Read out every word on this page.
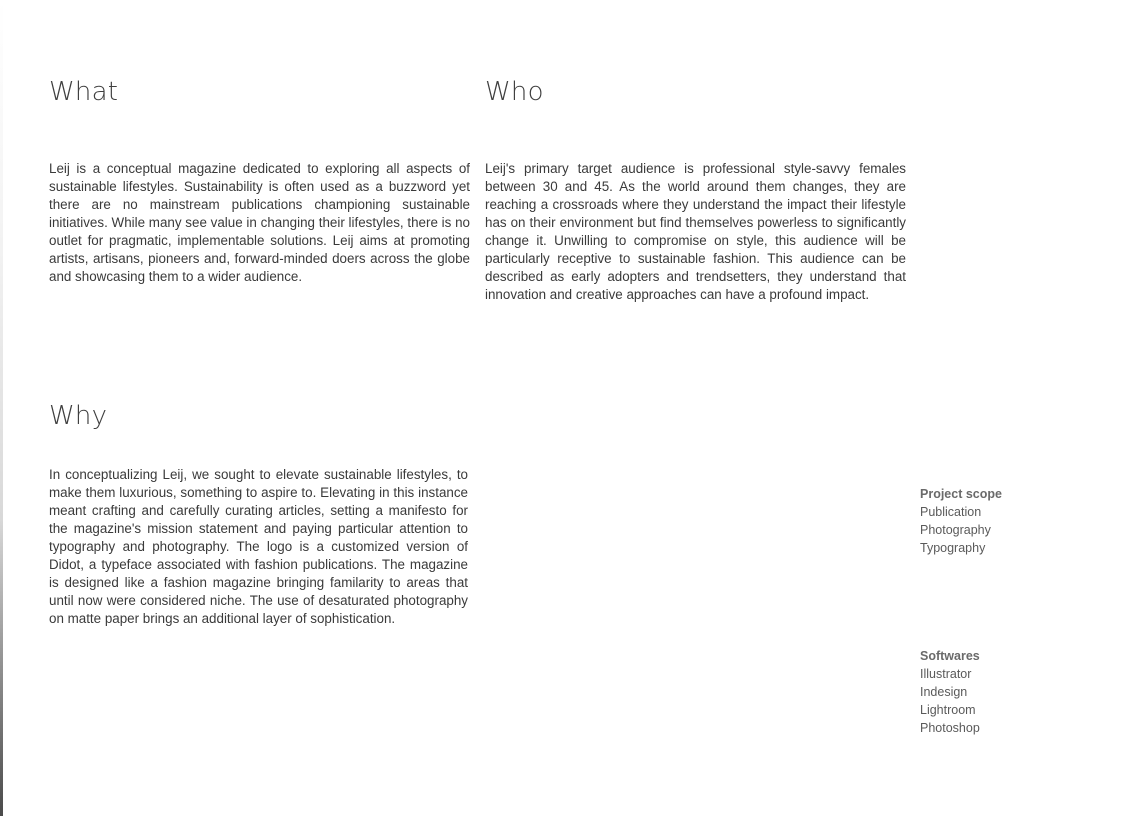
What

Leij is a conceptual magazine dedicated to exploring all aspects of sustainable lifestyles. Sustainability is often used as a buzzword yet there are no mainstream publications championing sustainable initiatives. While many see value in changing their lifestyles, there is no outlet for pragmatic, implementable solutions. Leij aims at promoting artists, artisans, pioneers and, forward-minded doers across the globe and showcasing them to a wider audience.

Who

Leij's primary target audience is professional style-savvy females between 30 and 45. As the world around them changes, they are reaching a crossroads where they understand the impact their lifestyle has on their environment but find themselves powerless to significantly change it. Unwilling to compromise on style, this audience will be particularly receptive to sustainable fashion. This audience can be described as early adopters and trendsetters, they understand that innovation and creative approaches can have a profound impact.

Why

In conceptualizing Leij, we sought to elevate sustainable lifestyles, to make them luxurious, something to aspire to. Elevating in this instance meant crafting and carefully curating articles, setting a manifesto for the magazine's mission statement and paying particular attention to typography and photography. The logo is a customized version of Didot, a typeface associated with fashion publications. The magazine is designed like a fashion magazine bringing familarity to areas that until now were considered niche. The use of desaturated photography on matte paper brings an additional layer of sophistication.

Project scope
Publication
Photography
Typography
Softwares
Illustrator
Indesign
Lightroom
Photoshop
